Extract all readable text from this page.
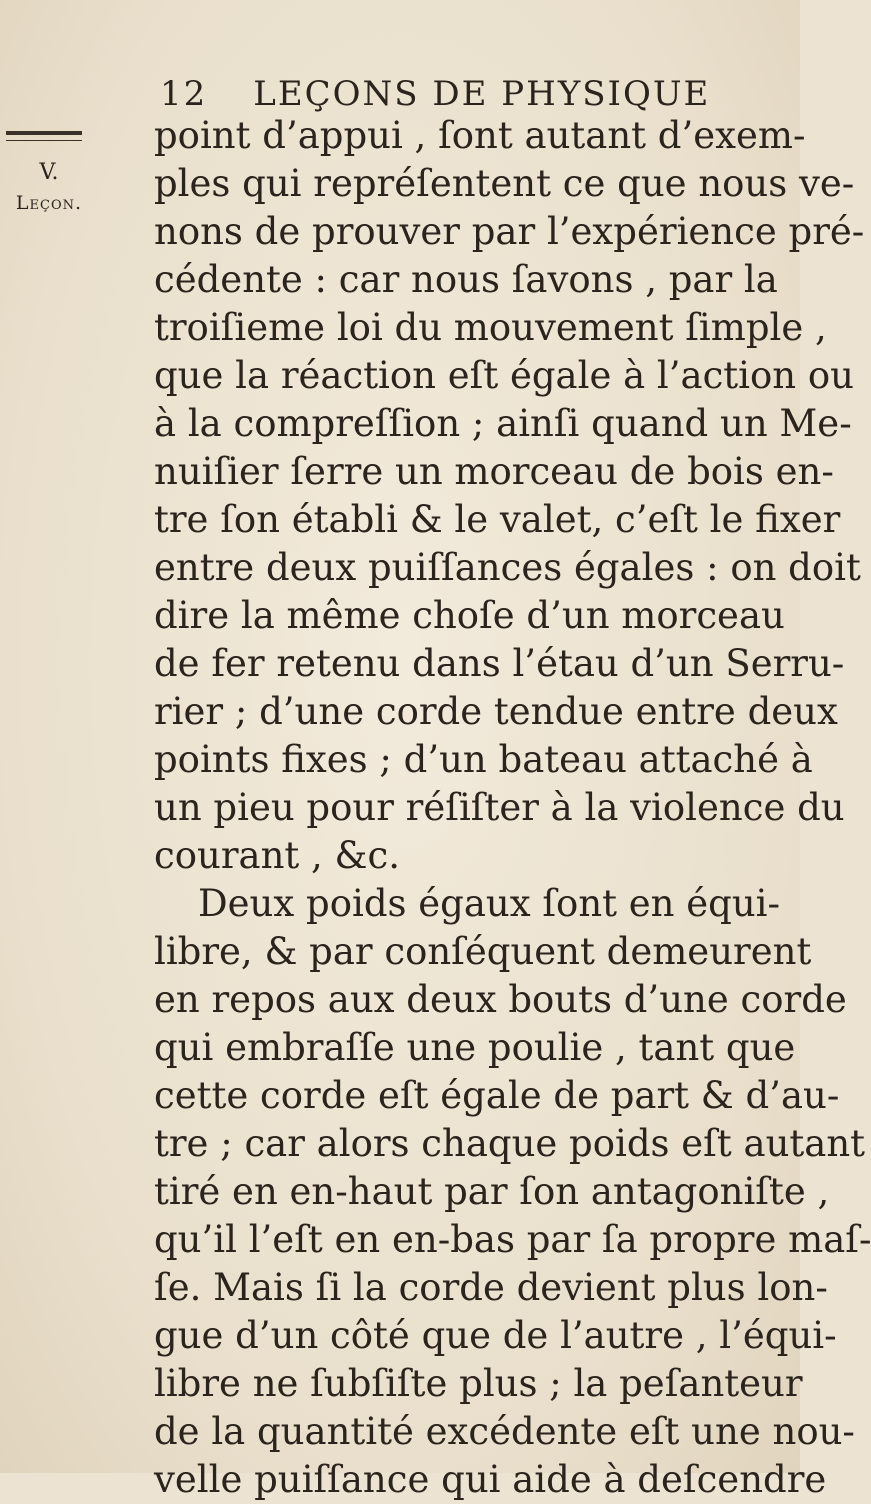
12 LEÇONS DE PHYSIQUE
V.
Leçon.
point d’appui , ſont autant d’exem-
ples qui repréſentent ce que nous ve-
nons de prouver par l’expérience pré-
cédente : car nous ſavons , par la
troiſieme loi du mouvement ſimple ,
que la réaction eſt égale à l’action ou
à la compreſſion ; ainſi quand un Me-
nuiſier ſerre un morceau de bois en-
tre ſon établi & le valet, c’eſt le fixer
entre deux puiſſances égales : on doit
dire la même choſe d’un morceau
de fer retenu dans l’étau d’un Serru-
rier ; d’une corde tendue entre deux
points fixes ; d’un bateau attaché à
un pieu pour réſiſter à la violence du
courant , &c.
Deux poids égaux ſont en équi-
libre, & par conſéquent demeurent
en repos aux deux bouts d’une corde
qui embraſſe une poulie , tant que
cette corde eſt égale de part & d’au-
tre ; car alors chaque poids eſt autant
tiré en en-haut par ſon antagoniſte ,
qu’il l’eſt en en-bas par ſa propre maſ-
ſe. Mais ſi la corde devient plus lon-
gue d’un côté que de l’autre , l’équi-
libre ne ſubſiſte plus ; la peſanteur
de la quantité excédente eſt une nou-
velle puiſſance qui aide à deſcendre
